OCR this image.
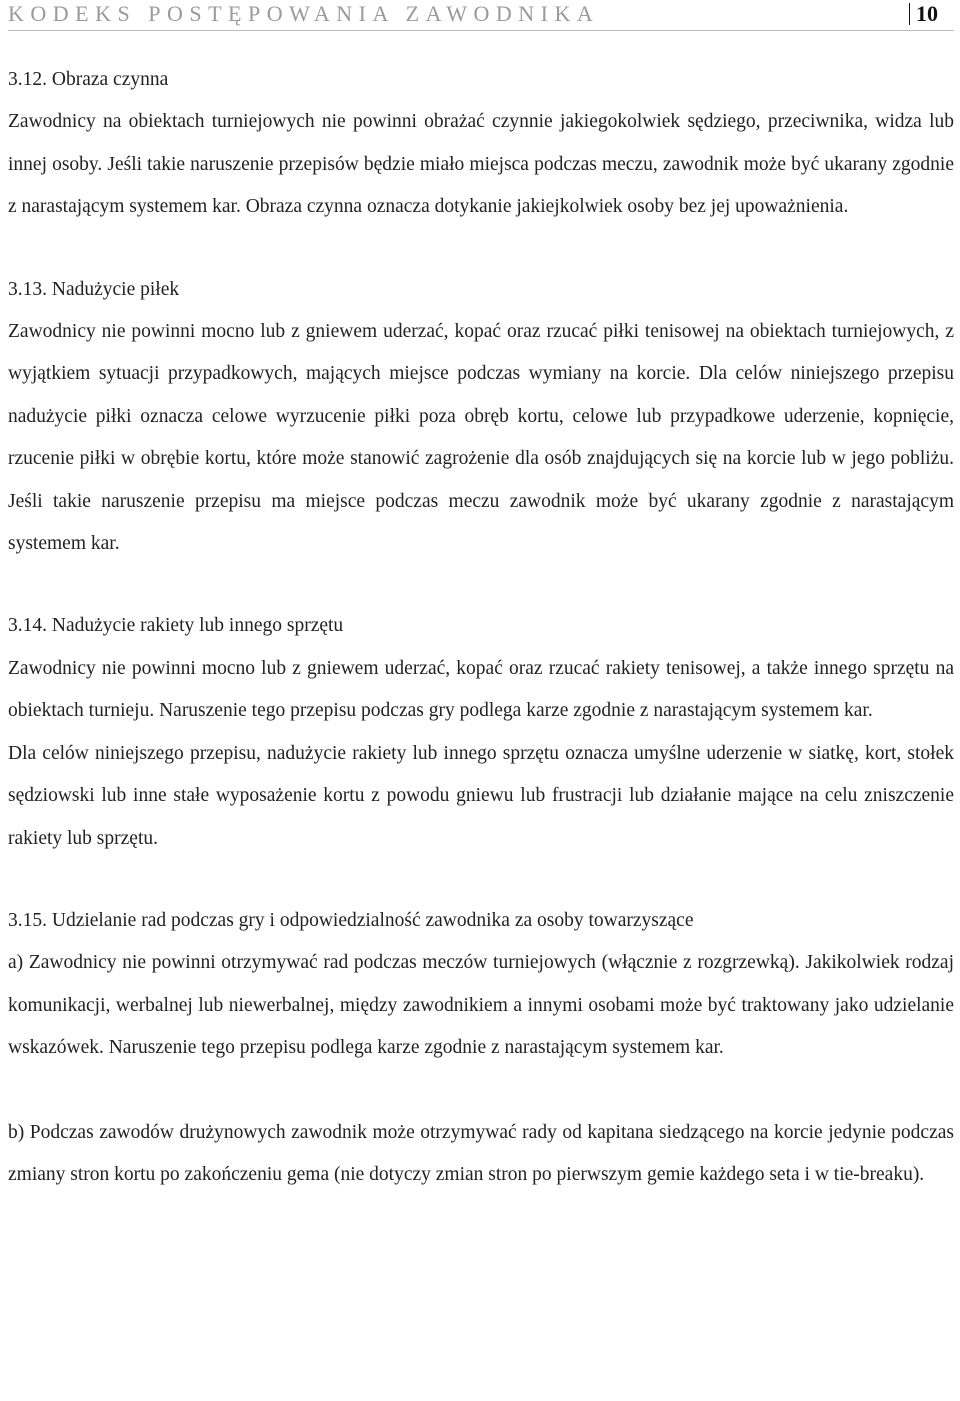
KODEKS POSTĘPOWANIA ZAWODNIKA	10
3.12. Obraza czynna

Zawodnicy na obiektach turniejowych nie powinni obrażać czynnie jakiegokolwiek sędziego, przeciwnika, widza lub innej osoby. Jeśli takie naruszenie przepisów będzie miało miejsca podczas meczu, zawodnik może być ukarany zgodnie z narastającym systemem kar. Obraza czynna oznacza dotykanie jakiejkolwiek osoby bez jej upoważnienia.

3.13. Nadużycie piłek

Zawodnicy nie powinni mocno lub z gniewem uderzać, kopać oraz rzucać piłki tenisowej na obiektach turniejowych, z wyjątkiem sytuacji przypadkowych, mających miejsce podczas wymiany na korcie. Dla celów niniejszego przepisu nadużycie piłki oznacza celowe wyrzucenie piłki poza obręb kortu, celowe lub przypadkowe uderzenie, kopnięcie, rzucenie piłki w obrębie kortu, które może stanowić zagrożenie dla osób znajdujących się na korcie lub w jego pobliżu. Jeśli takie naruszenie przepisu ma miejsce podczas meczu zawodnik może być ukarany zgodnie z narastającym systemem kar.

3.14. Nadużycie rakiety lub innego sprzętu

Zawodnicy nie powinni mocno lub z gniewem uderzać, kopać oraz rzucać rakiety tenisowej, a także innego sprzętu na obiektach turnieju. Naruszenie tego przepisu podczas gry podlega karze zgodnie z narastającym systemem kar.

Dla celów niniejszego przepisu, nadużycie rakiety lub innego sprzętu oznacza umyślne uderzenie w siatkę, kort, stołek sędziowski lub inne stałe wyposażenie kortu z powodu gniewu lub frustracji lub działanie mające na celu zniszczenie rakiety lub sprzętu.

3.15. Udzielanie rad podczas gry i odpowiedzialność zawodnika za osoby towarzyszące

a) Zawodnicy nie powinni otrzymywać rad podczas meczów turniejowych (włącznie z rozgrzewką). Jakikolwiek rodzaj komunikacji, werbalnej lub niewerbalnej, między zawodnikiem a innymi osobami może być traktowany jako udzielanie wskazówek. Naruszenie tego przepisu podlega karze zgodnie z narastającym systemem kar.

b) Podczas zawodów drużynowych zawodnik może otrzymywać rady od kapitana siedzącego na korcie jedynie podczas zmiany stron kortu po zakończeniu gema (nie dotyczy zmian stron po pierwszym gemie każdego seta i w tie-breaku).
